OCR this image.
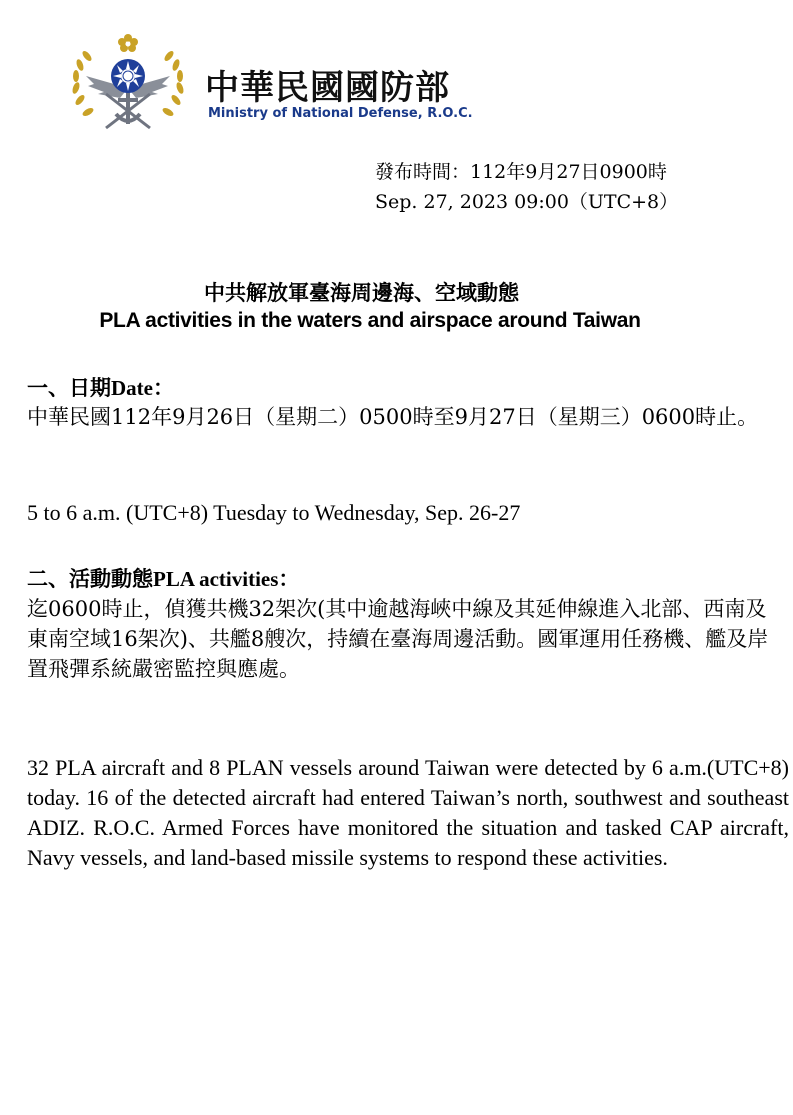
中華民國國防部
Ministry of National Defense, R.O.C.
發布時間：112年9月27日0900時
Sep. 27, 2023 09:00（UTC+8）
中共解放軍臺海周邊海、空域動態
PLA activities in the waters and airspace around Taiwan
一、日期Date：
中華民國112年9月26日（星期二）0500時至9月27日（星期三）0600時止。
5 to 6 a.m. (UTC+8) Tuesday to Wednesday, Sep. 26-27
二、活動動態PLA activities：
迄0600時止，偵獲共機32架次(其中逾越海峽中線及其延伸線進入北部、西南及東南空域16架次)、共艦8艘次，持續在臺海周邊活動。國軍運用任務機、艦及岸置飛彈系統嚴密監控與應處。
32 PLA aircraft and 8 PLAN vessels around Taiwan were detected by 6 a.m.(UTC+8) today. 16 of the detected aircraft had entered Taiwan’s north, southwest and southeast ADIZ. R.O.C. Armed Forces have monitored the situation and tasked CAP aircraft, Navy vessels, and land-based missile systems to respond these activities.
